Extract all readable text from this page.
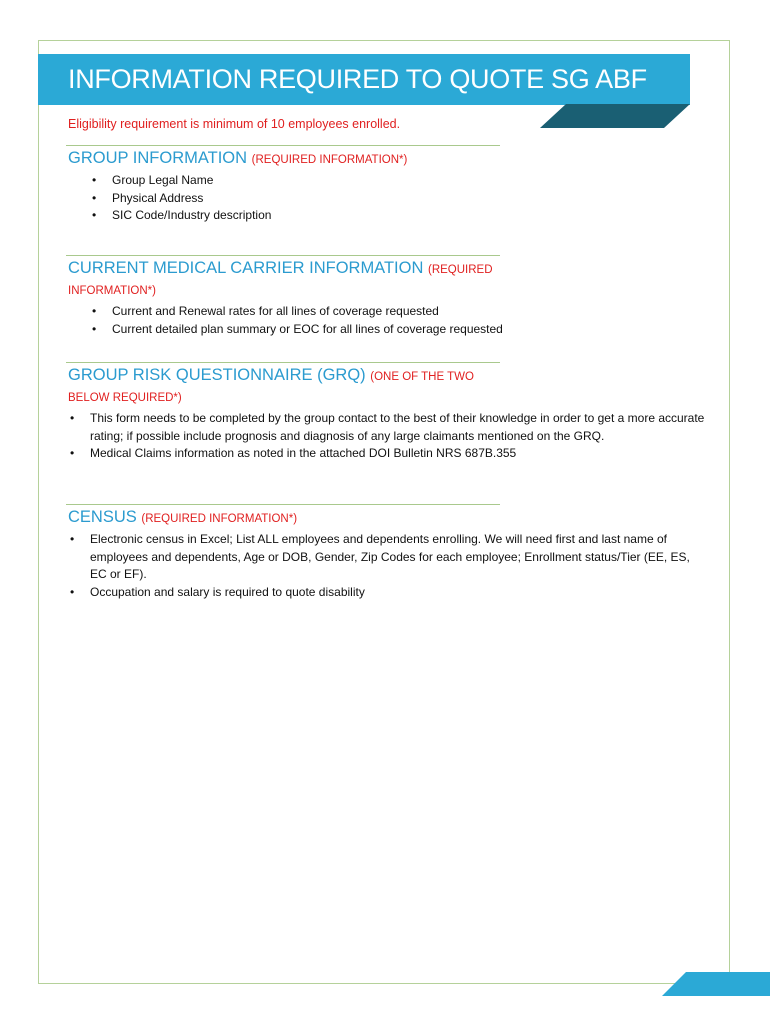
INFORMATION REQUIRED TO QUOTE SG ABF
Eligibility requirement is minimum of 10 employees enrolled.
GROUP INFORMATION (REQUIRED INFORMATION*)
• Group Legal Name
• Physical Address
• SIC Code/Industry description
CURRENT MEDICAL CARRIER INFORMATION (REQUIRED INFORMATION*)
• Current and Renewal rates for all lines of coverage requested
• Current detailed plan summary or EOC for all lines of coverage requested
GROUP RISK QUESTIONNAIRE (GRQ) (ONE OF THE TWO BELOW REQUIRED*)
• This form needs to be completed by the group contact to the best of their knowledge in order to get a more accurate rating; if possible include prognosis and diagnosis of any large claimants mentioned on the GRQ.
• Medical Claims information as noted in the attached DOI Bulletin NRS 687B.355
CENSUS (REQUIRED INFORMATION*)
• Electronic census in Excel; List ALL employees and dependents enrolling. We will need first and last name of employees and dependents, Age or DOB, Gender, Zip Codes for each employee; Enrollment status/Tier (EE, ES, EC or EF).
• Occupation and salary is required to quote disability
